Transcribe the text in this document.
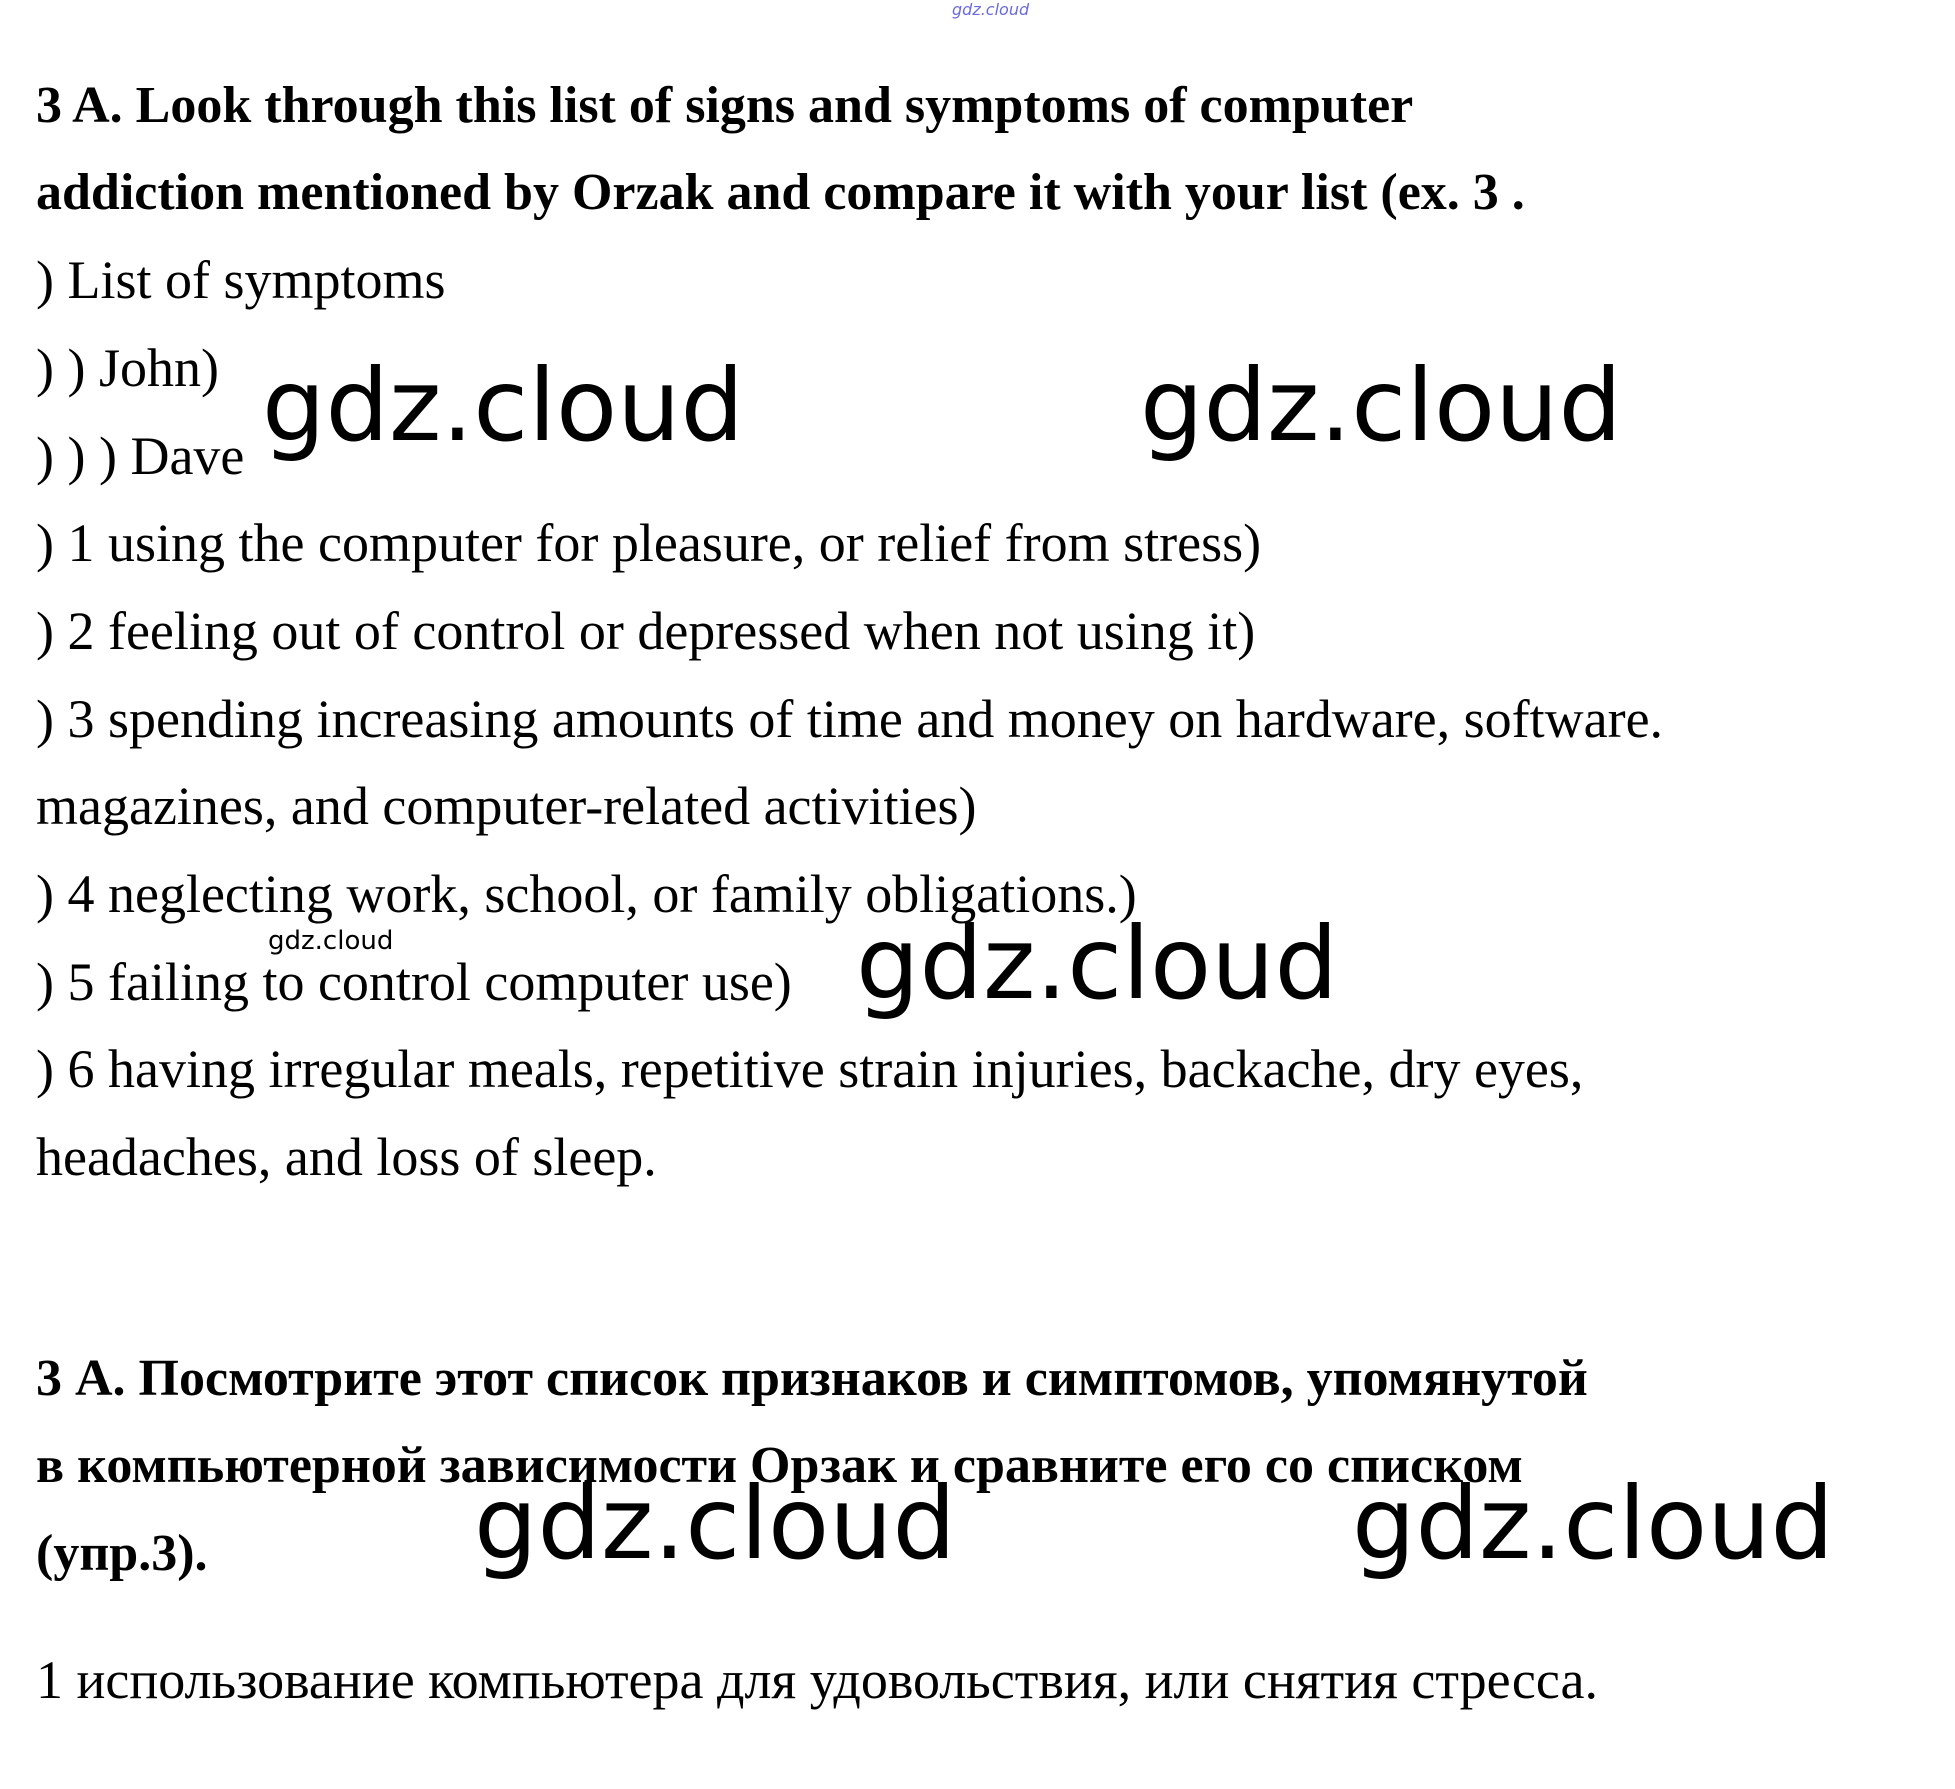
gdz.cloud
3 A. Look through this list of signs and symptoms of computer
addiction mentioned by Orzak and compare it with your list (ex. 3 .
) List of symptoms
) ) John)
) ) ) Dave
) 1 using the computer for pleasure, or relief from stress)
) 2 feeling out of control or depressed when not using it)
) 3 spending increasing amounts of time and money on hardware, software.
magazines, and computer-related activities)
) 4 neglecting work, school, or family obligations.)
) 5 failing to control computer use)
) 6 having irregular meals, repetitive strain injuries, backache, dry eyes,
headaches, and loss of sleep.
3 А. Посмотрите этот список признаков и симптомов, упомянутой
в компьютерной зависимости Орзак и сравните его со списком
(упр.3).
1 использование компьютера для удовольствия, или снятия стресса.
gdz.cloud	gdz.cloud
gdz.cloud
gdz.cloud	gdz.cloud
gdz.cloud
